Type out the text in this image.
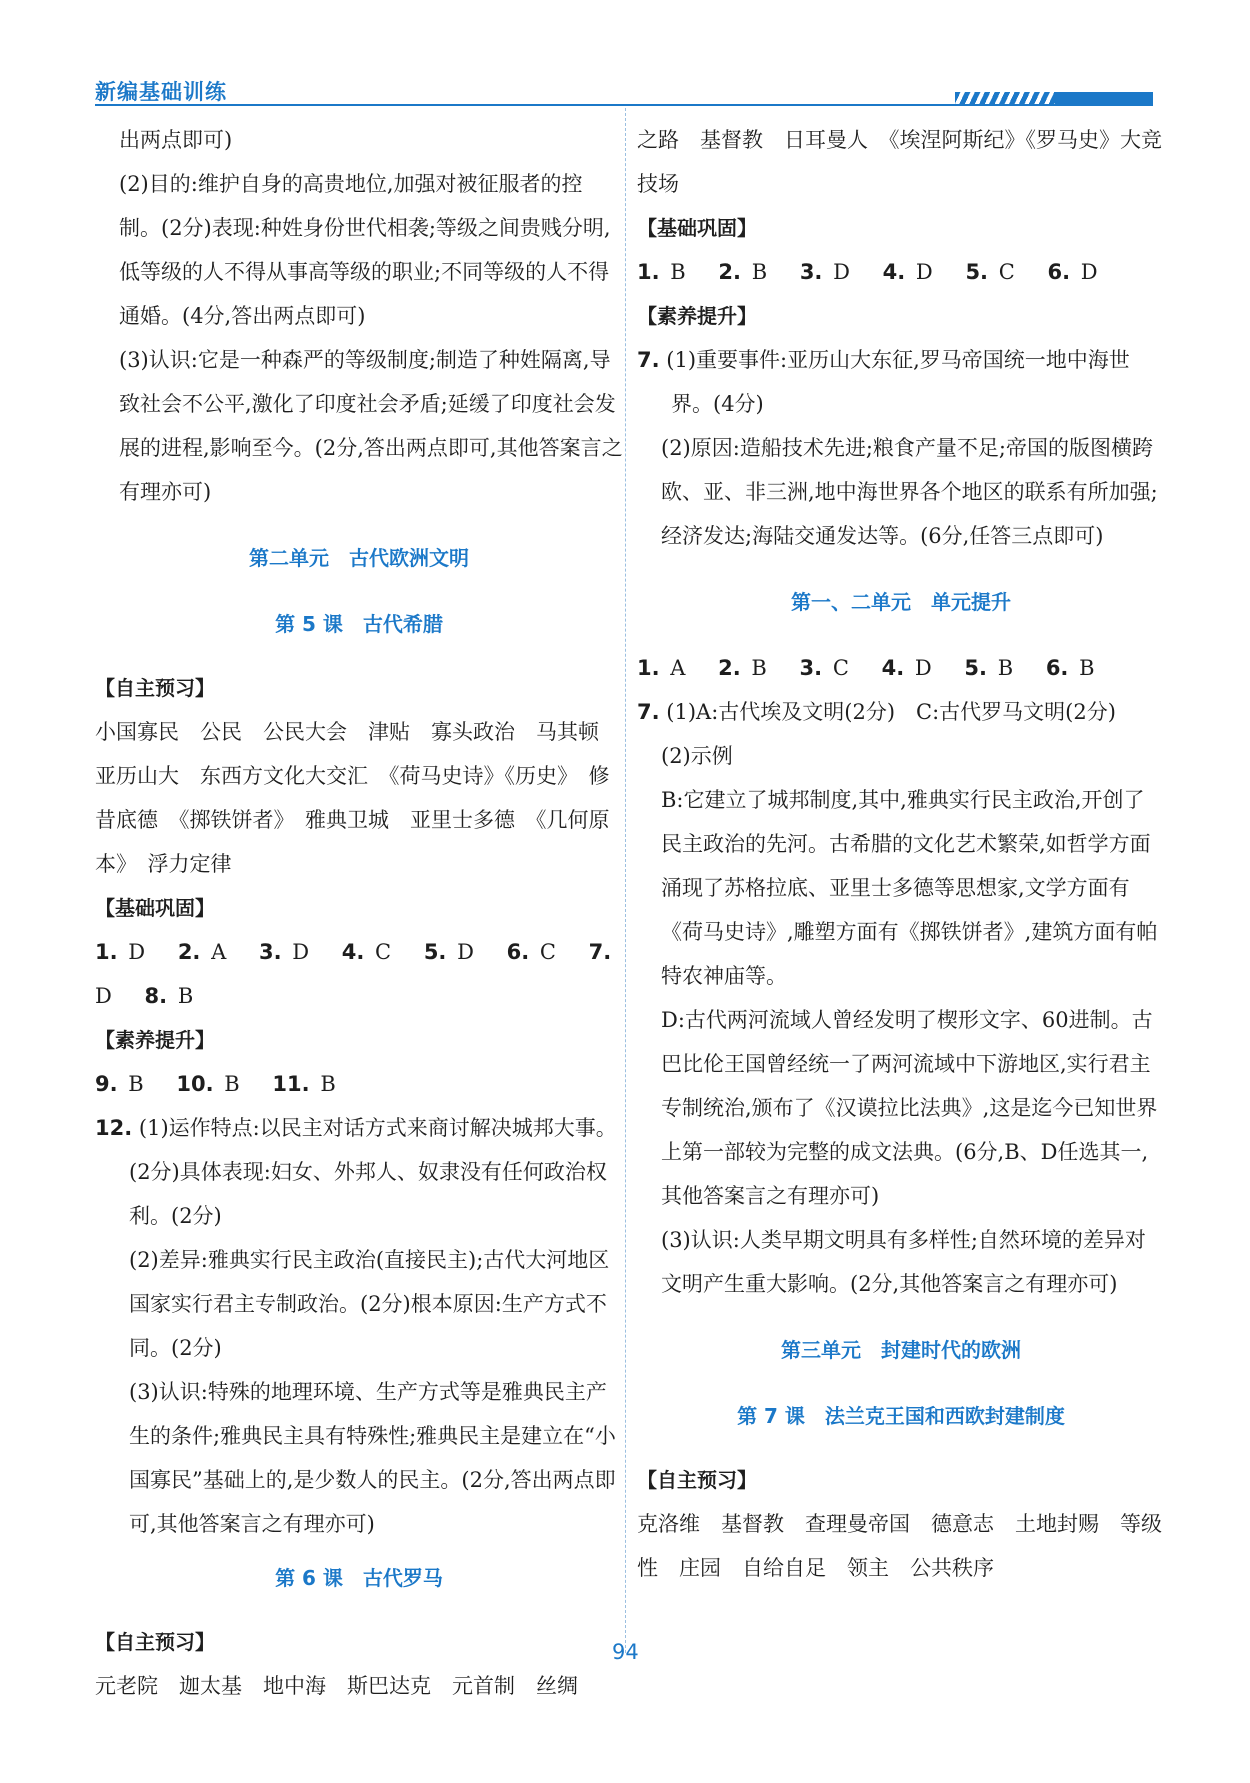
新编基础训练

出两点即可)

(2)目的:维护自身的高贵地位,加强对被征服者的控制。(2分)表现:种姓身份世代相袭;等级之间贵贱分明,低等级的人不得从事高等级的职业;不同等级的人不得通婚。(4分,答出两点即可)

(3)认识:它是一种森严的等级制度;制造了种姓隔离,导致社会不公平,激化了印度社会矛盾;延缓了印度社会发展的进程,影响至今。(2分,答出两点即可,其他答案言之有理亦可)

第二单元　古代欧洲文明

第 5 课　古代希腊

【自主预习】

小国寡民　公民　公民大会　津贴　寡头政治　马其顿　亚历山大　东西方文化大交汇　《荷马史诗》《历史》　修昔底德　《掷铁饼者》　雅典卫城　亚里士多德　《几何原本》　浮力定律

【基础巩固】

1. D 2. A 3. D 4. C 5. D 6. C 7. D 8. B

【素养提升】

9. B 10. B 11. B

12. (1)运作特点:以民主对话方式来商讨解决城邦大事。(2分)具体表现:妇女、外邦人、奴隶没有任何政治权利。(2分)

(2)差异:雅典实行民主政治(直接民主);古代大河地区国家实行君主专制政治。(2分)根本原因:生产方式不同。(2分)

(3)认识:特殊的地理环境、生产方式等是雅典民主产生的条件;雅典民主具有特殊性;雅典民主是建立在“小国寡民”基础上的,是少数人的民主。(2分,答出两点即可,其他答案言之有理亦可)

第 6 课　古代罗马

【自主预习】

元老院　迦太基　地中海　斯巴达克　元首制　丝绸

之路　基督教　日耳曼人　《埃涅阿斯纪》《罗马史》大竞技场

【基础巩固】

1. B 2. B 3. D 4. D 5. C 6. D

【素养提升】

7. (1)重要事件:亚历山大东征,罗马帝国统一地中海世界。(4分)

(2)原因:造船技术先进;粮食产量不足;帝国的版图横跨欧、亚、非三洲,地中海世界各个地区的联系有所加强;经济发达;海陆交通发达等。(6分,任答三点即可)

第一、二单元　单元提升

1. A 2. B 3. C 4. D 5. B 6. B

7. (1)A:古代埃及文明(2分)　C:古代罗马文明(2分)

(2)示例

B:它建立了城邦制度,其中,雅典实行民主政治,开创了民主政治的先河。古希腊的文化艺术繁荣,如哲学方面涌现了苏格拉底、亚里士多德等思想家,文学方面有《荷马史诗》,雕塑方面有《掷铁饼者》,建筑方面有帕特农神庙等。

D:古代两河流域人曾经发明了楔形文字、60进制。古巴比伦王国曾经统一了两河流域中下游地区,实行君主专制统治,颁布了《汉谟拉比法典》,这是迄今已知世界上第一部较为完整的成文法典。(6分,B、D任选其一,其他答案言之有理亦可)

(3)认识:人类早期文明具有多样性;自然环境的差异对文明产生重大影响。(2分,其他答案言之有理亦可)

第三单元　封建时代的欧洲

第 7 课　法兰克王国和西欧封建制度

【自主预习】

克洛维　基督教　查理曼帝国　德意志　土地封赐　等级性　庄园　自给自足　领主　公共秩序

94
